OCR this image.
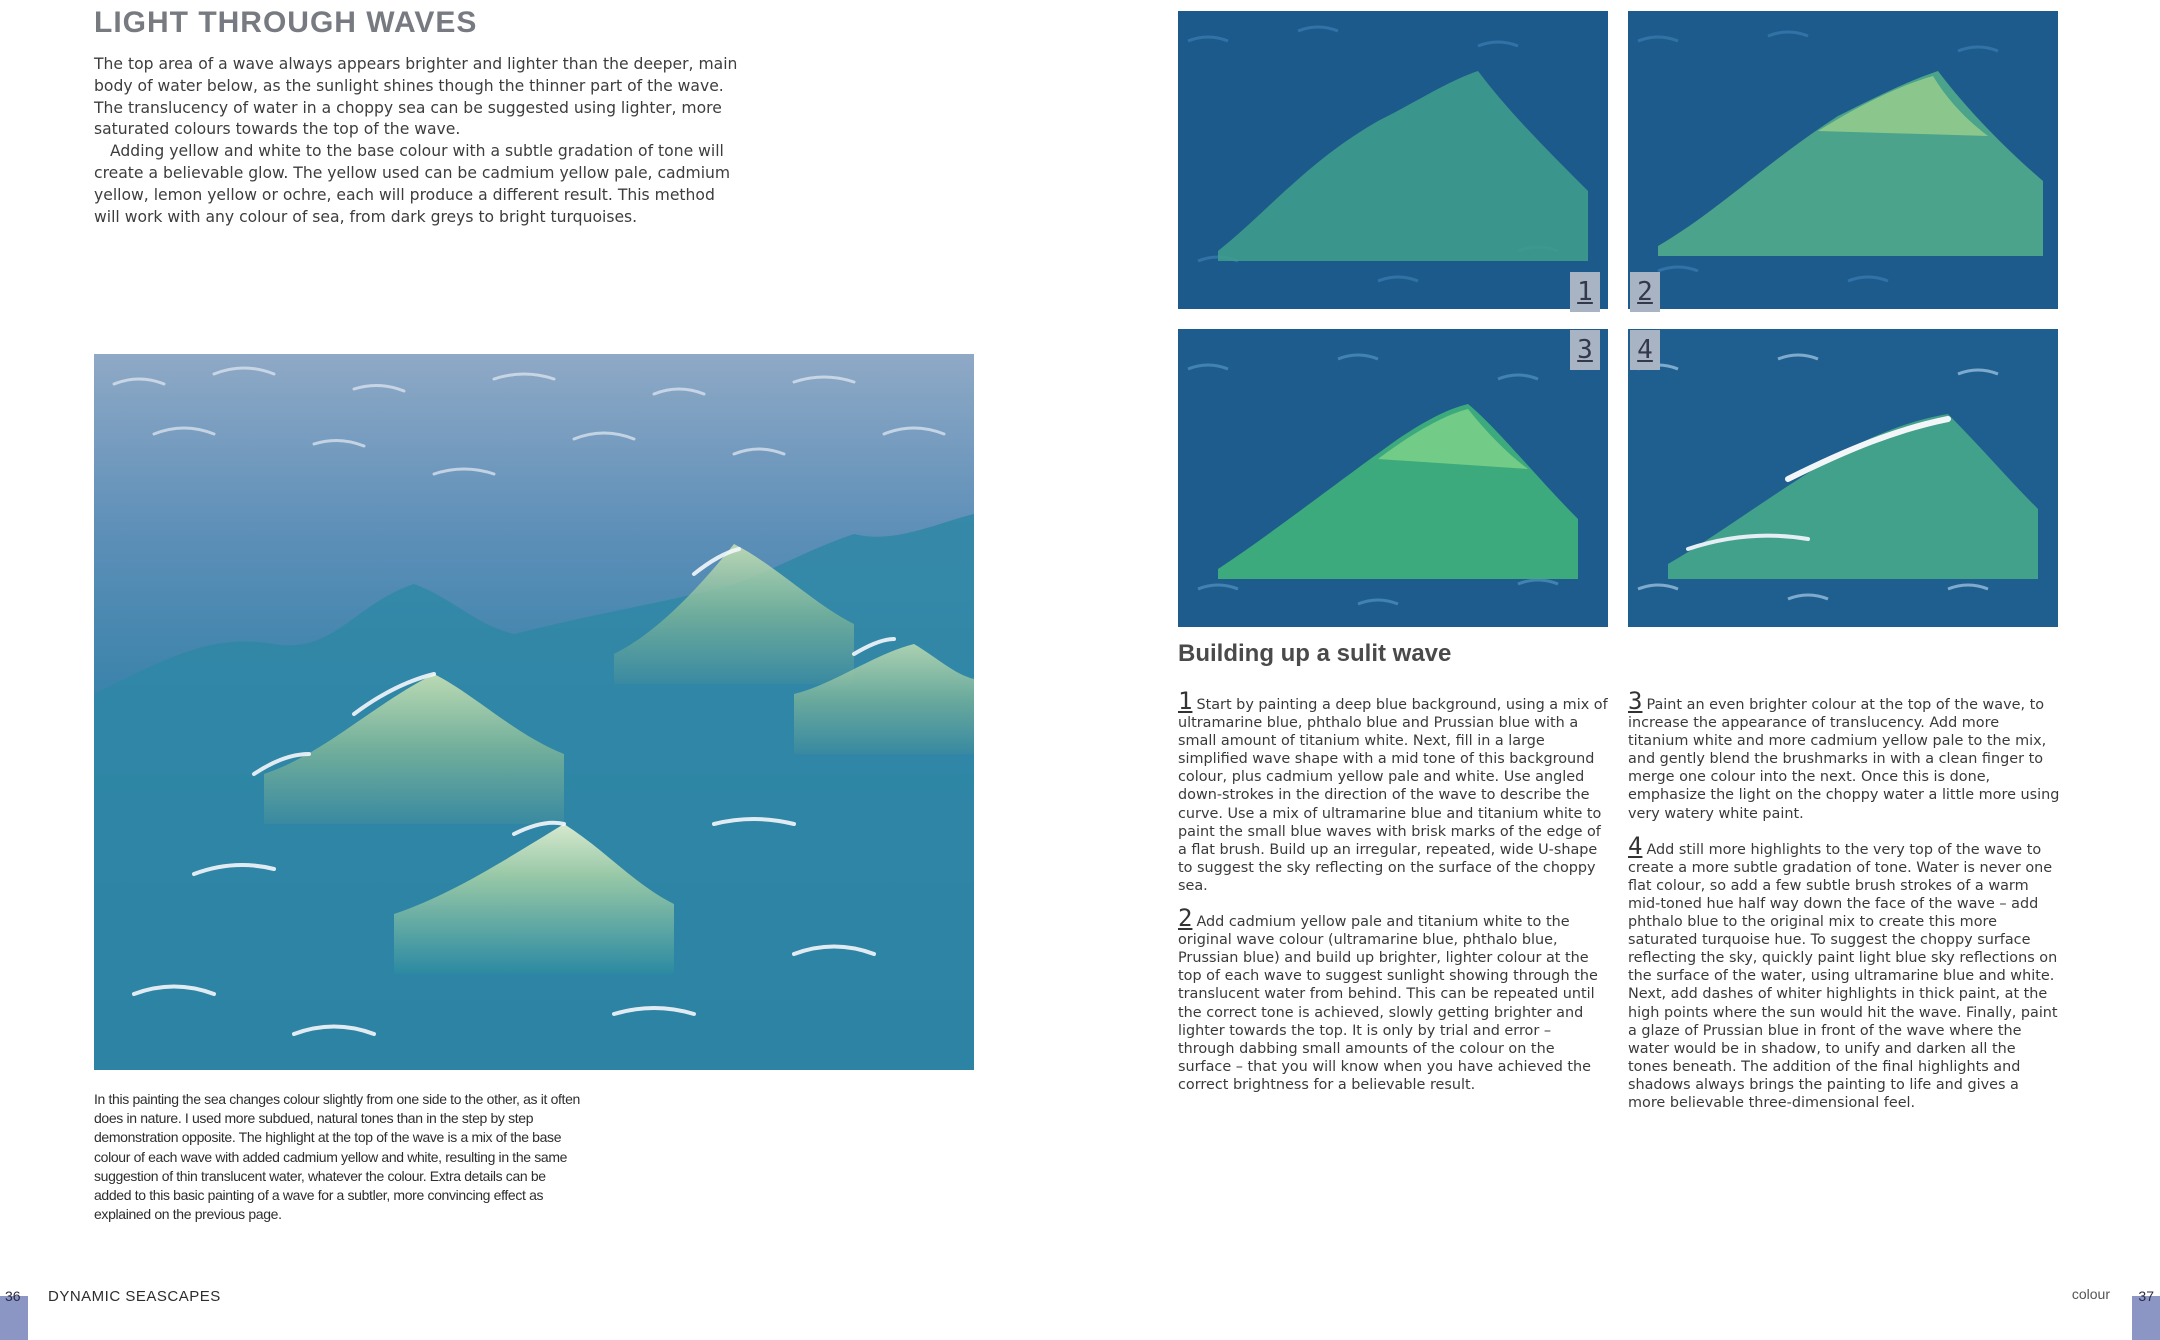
LIGHT THROUGH WAVES

The top area of a wave always appears brighter and lighter than the deeper, main body of water below, as the sunlight shines though the thinner part of the wave. The translucency of water in a choppy sea can be suggested using lighter, more saturated colours towards the top of the wave.

Adding yellow and white to the base colour with a subtle gradation of tone will create a believable glow. The yellow used can be cadmium yellow pale, cadmium yellow, lemon yellow or ochre, each will produce a different result. This method will work with any colour of sea, from dark greys to bright turquoises.

In this painting the sea changes colour slightly from one side to the other, as it often does in nature. I used more subdued, natural tones than in the step by step demonstration opposite. The highlight at the top of the wave is a mix of the base colour of each wave with added cadmium yellow and white, resulting in the same suggestion of thin translucent water, whatever the colour. Extra details can be added to this basic painting of a wave for a subtler, more convincing effect as explained on the previous page.
36 DYNAMIC SEASCAPES
1 2
3 4
Building up a sulit wave

1 Start by painting a deep blue background, using a mix of ultramarine blue, phthalo blue and Prussian blue with a small amount of titanium white. Next, fill in a large simplified wave shape with a mid tone of this background colour, plus cadmium yellow pale and white. Use angled down-strokes in the direction of the wave to describe the curve. Use a mix of ultramarine blue and titanium white to paint the small blue waves with brisk marks of the edge of a flat brush. Build up an irregular, repeated, wide U-shape to suggest the sky reflecting on the surface of the choppy sea.

2 Add cadmium yellow pale and titanium white to the original wave colour (ultramarine blue, phthalo blue, Prussian blue) and build up brighter, lighter colour at the top of each wave to suggest sunlight showing through the translucent water from behind. This can be repeated until the correct tone is achieved, slowly getting brighter and lighter towards the top. It is only by trial and error – through dabbing small amounts of the colour on the surface – that you will know when you have achieved the correct brightness for a believable result.

3 Paint an even brighter colour at the top of the wave, to increase the appearance of translucency. Add more titanium white and more cadmium yellow pale to the mix, and gently blend the brushmarks in with a clean finger to merge one colour into the next. Once this is done, emphasize the light on the choppy water a little more using very watery white paint.

4 Add still more highlights to the very top of the wave to create a more subtle gradation of tone. Water is never one flat colour, so add a few subtle brush strokes of a warm mid-toned hue half way down the face of the wave – add phthalo blue to the original mix to create this more saturated turquoise hue. To suggest the choppy surface reflecting the sky, quickly paint light blue sky reflections on the surface of the water, using ultramarine blue and white. Next, add dashes of whiter highlights in thick paint, at the high points where the sun would hit the wave. Finally, paint a glaze of Prussian blue in front of the wave where the water would be in shadow, to unify and darken all the tones beneath. The addition of the final highlights and shadows always brings the painting to life and gives a more believable three-dimensional feel.

37
colour
